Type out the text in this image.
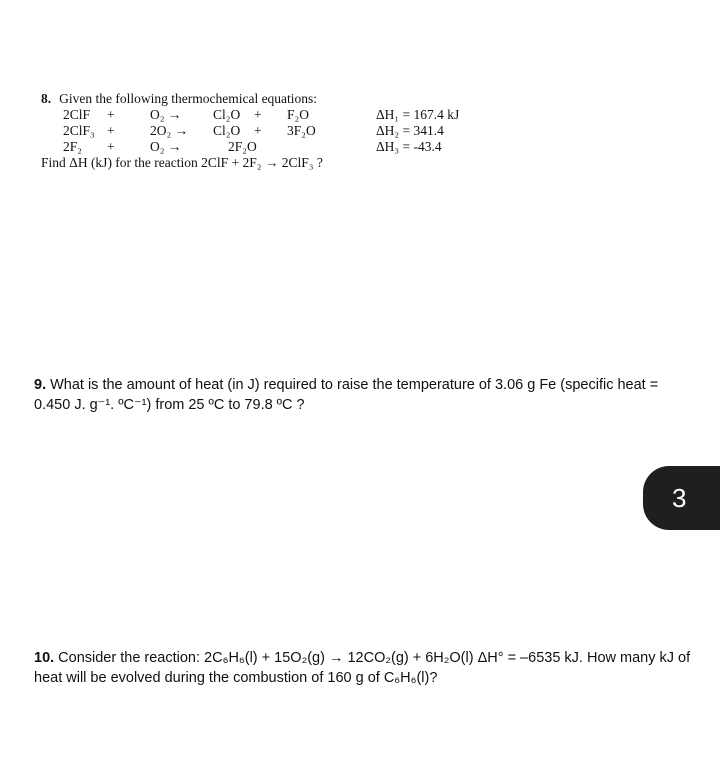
8. Given the following thermochemical equations:
2ClF +	O₂ → Cl₂O + F₂O	ΔH₁ = 167.4 kJ
2ClF₃ +	2O₂ → Cl₂O + 3F₂O	ΔH₂ = 341.4
2F₂ +	O₂ →	2F₂O	ΔH₃ = -43.4
Find ΔH (kJ) for the reaction 2ClF + 2F₂ → 2ClF₃ ?
9. What is the amount of heat (in J) required to raise the temperature of 3.06 g Fe (specific heat = 0.450 J. g⁻¹. ºC⁻¹) from 25 ºC to 79.8 ºC ?
10. Consider the reaction: 2C₆H₆(l) + 15O₂(g) → 12CO₂(g) + 6H₂O(l) ΔH° = –6535 kJ. How many kJ of heat will be evolved during the combustion of 160 g of C₆H₆(l)?
3
